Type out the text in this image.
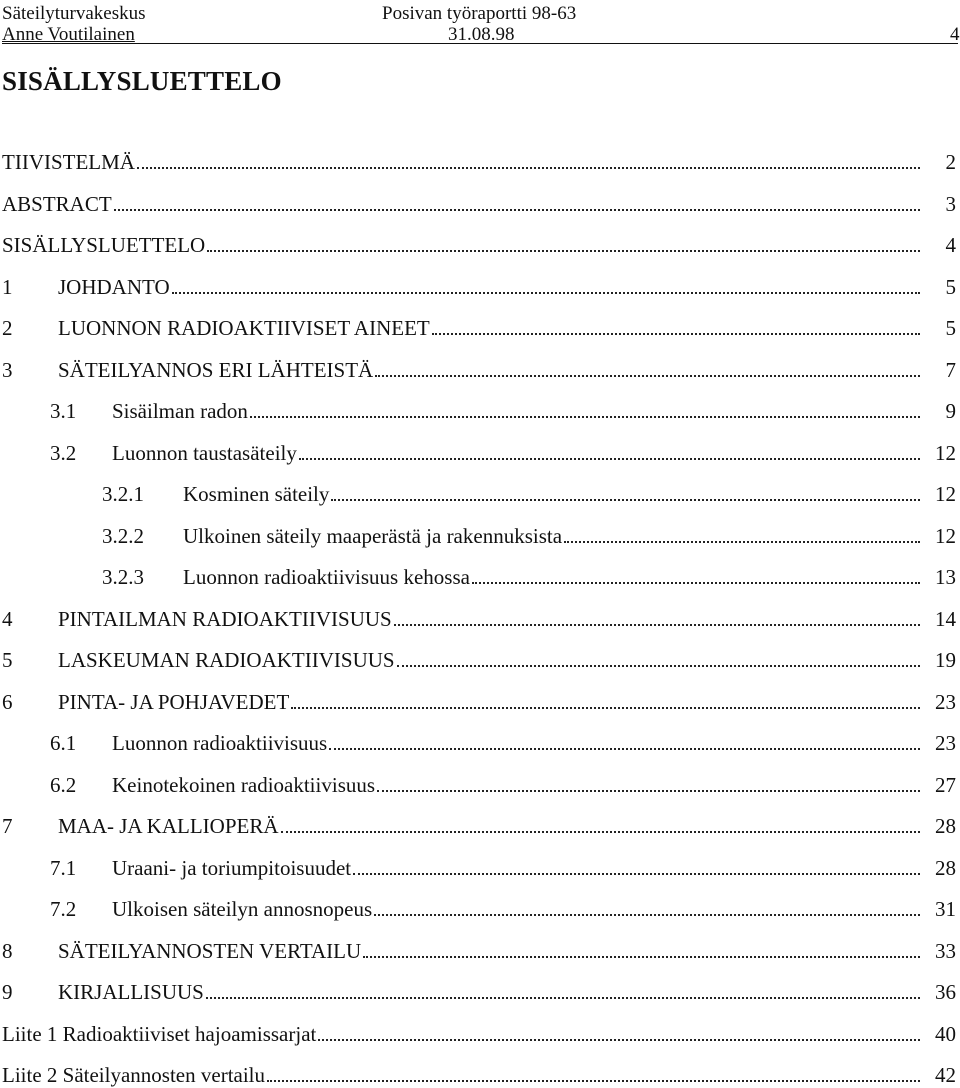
Säteilyturvakeskus
Anne Voutilainen
Posivan työraportti 98-63
31.08.98	4
SISÄLLYSLUETTELO
TIIVISTELMÄ	2
ABSTRACT	3
SISÄLLYSLUETTELO	4
1 JOHDANTO	5
2 LUONNON RADIOAKTIIVISET AINEET	5
3 SÄTEILYANNOS ERI LÄHTEISTÄ	7
3.1 Sisäilman radon	9
3.2 Luonnon taustasäteily	12
3.2.1 Kosminen säteily	12
3.2.2 Ulkoinen säteily maaperästä ja rakennuksista	12
3.2.3 Luonnon radioaktiivisuus kehossa	13
4 PINTAILMAN RADIOAKTIIVISUUS	14
5 LASKEUMAN RADIOAKTIIVISUUS	19
6 PINTA- JA POHJAVEDET	23
6.1 Luonnon radioaktiivisuus	23
6.2 Keinotekoinen radioaktiivisuus	27
7 MAA- JA KALLIOPERÄ	28
7.1 Uraani- ja toriumpitoisuudet	28
7.2 Ulkoisen säteilyn annosnopeus	31
8 SÄTEILYANNOSTEN VERTAILU	33
9 KIRJALLISUUS	36
Liite 1 Radioaktiiviset hajoamissarjat	40
Liite 2 Säteilyannosten vertailu	42
